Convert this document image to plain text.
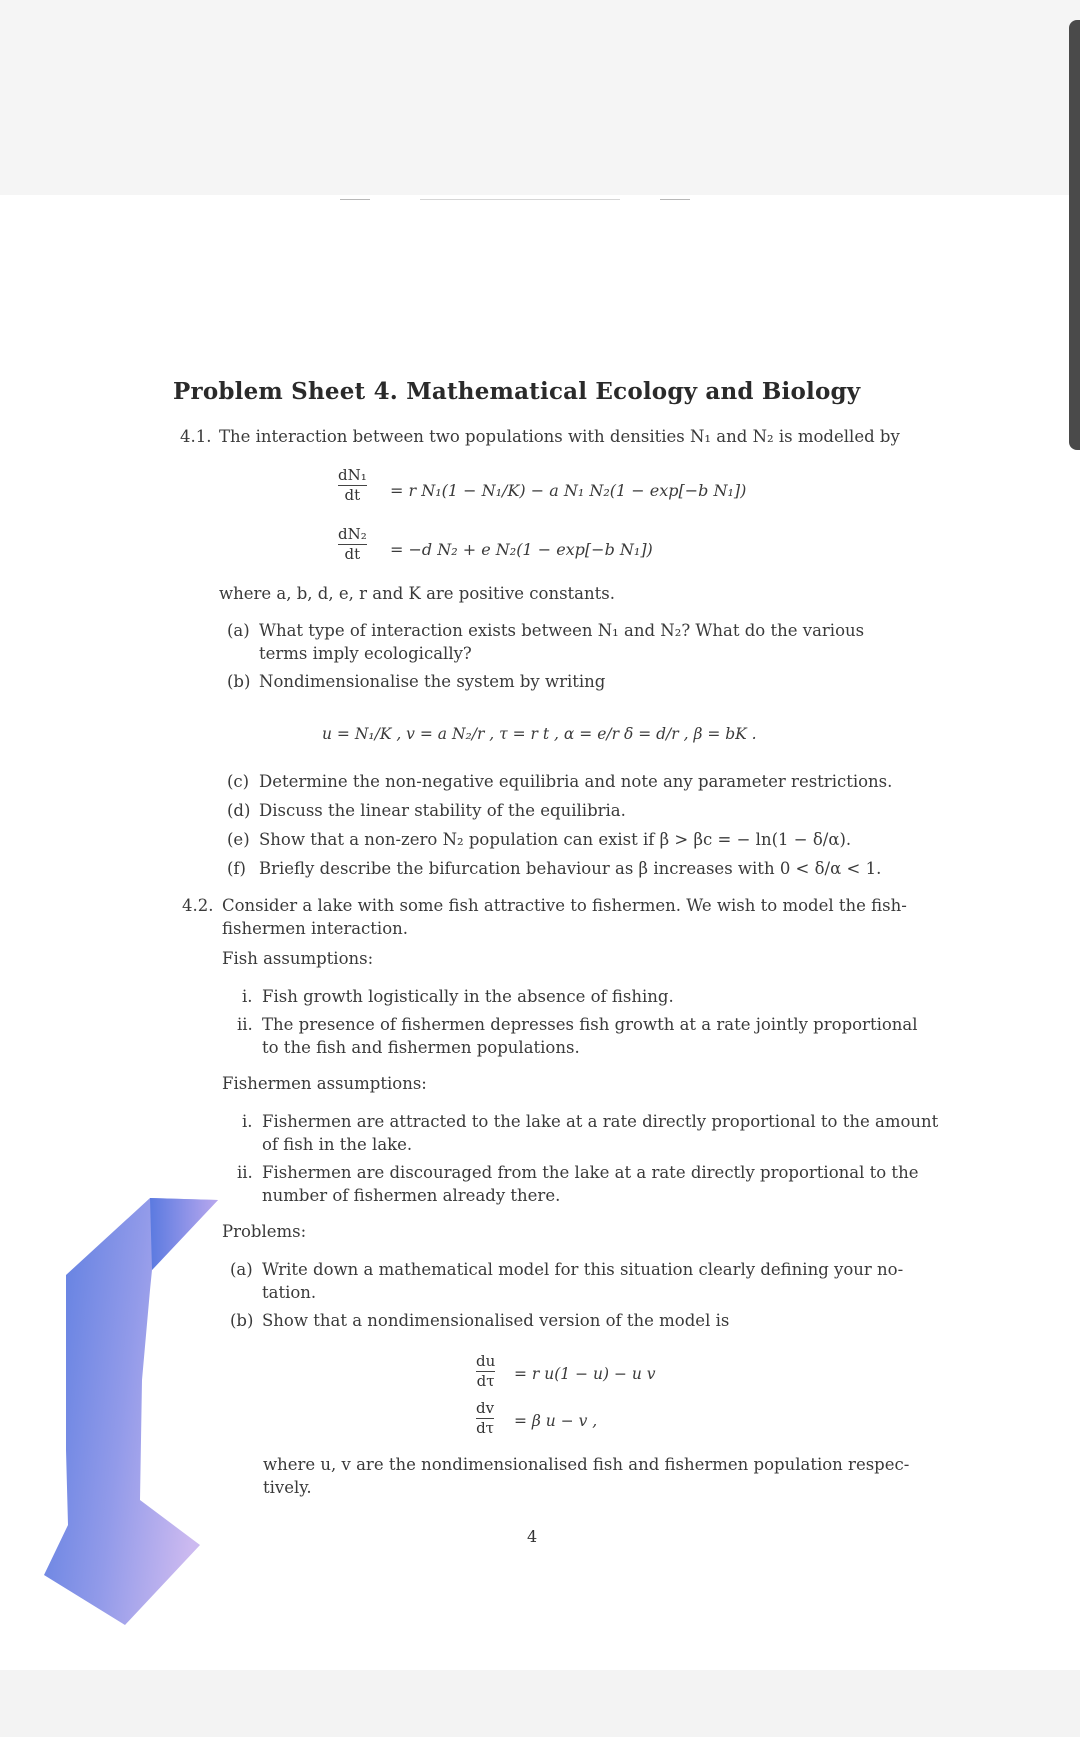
Problem Sheet 4. Mathematical Ecology and Biology
4.1. The interaction between two populations with densities N₁ and N₂ is modelled by
$\frac{\text{dN₁}}{dt} = r$ N₁(1 − N₁/K) − a N₁ N₂(1 − exp[−b N₁])
$\frac{\text{dN₂}}{dt} = -d$ N₂ + e N₂(1 − exp[−b N₁])
where a, b, d, e, r and K are positive constants.
(a) What type of interaction exists between N₁ and N₂? What do the various
terms imply ecologically?
(b) Nondimensionalise the system by writing
u = N₁/K , v = a N₂/r , τ = r t , α = e/r δ = d/r , β = bK .
(c) Determine the non-negative equilibria and note any parameter restrictions.
(d) Discuss the linear stability of the equilibria.
(e) Show that a non-zero N₂ population can exist if β > βc = − ln(1 − δ/α).
(f) Briefly describe the bifurcation behaviour as β increases with 0 < δ/α < 1.
4.2. Consider a lake with some fish attractive to fishermen. We wish to model the fish-
fishermen interaction.
Fish assumptions:
i. Fish growth logistically in the absence of fishing.
ii. The presence of fishermen depresses fish growth at a rate jointly proportional
to the fish and fishermen populations.
Fishermen assumptions:
i. Fishermen are attracted to the lake at a rate directly proportional to the amount
of fish in the lake.
ii. Fishermen are discouraged from the lake at a rate directly proportional to the
number of fishermen already there.
Problems:
(a) Write down a mathematical model for this situation clearly defining your no-
tation.
(b) Show that a nondimensionalised version of the model is
$\frac{du}{d\tau} = r$ u(1 − u) − u v
$\frac{dv}{d\tau} = \beta$ u − v ,
where u, v are the nondimensionalised fish and fishermen population respec-
tively.
4
